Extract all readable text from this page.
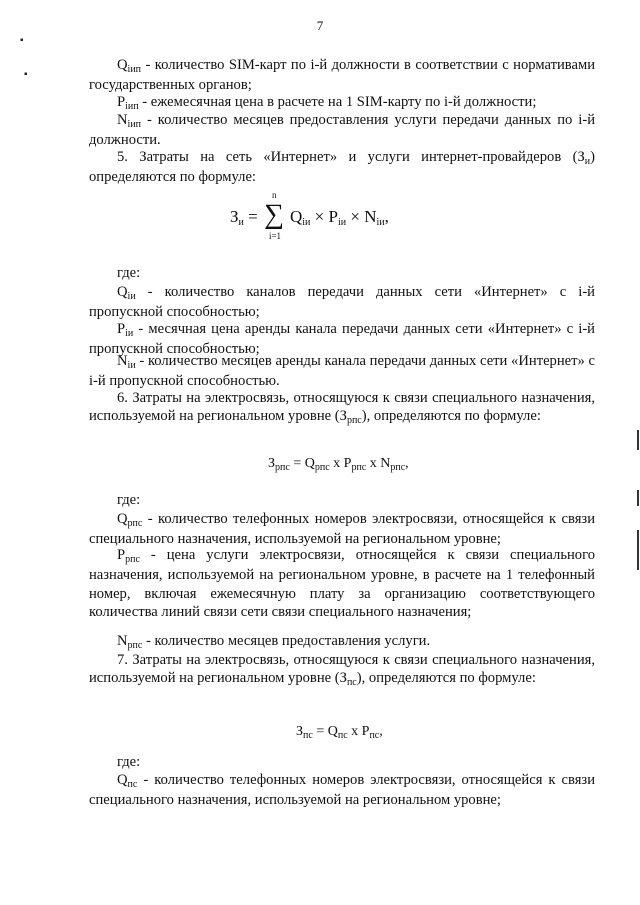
7
▪
▪
$Q_{iип}$ - количество SIM-карт по i-й должности в соответствии с нормативами государственных органов;
$P_{iип}$ - ежемесячная цена в расчете на 1 SIM-карту по i-й должности;
$N_{iип}$ - количество месяцев предоставления услуги передачи данных по i-й должности.
5. Затраты на сеть «Интернет» и услуги интернет-провайдеров $(З_и)$ определяются по формуле:
Зи =
n
∑
i=1
Qiи × Piи × Niи,
где:
$Q_{iи}$ - количество каналов передачи данных сети «Интернет» с i-й пропускной способностью;
$P_{iи}$ - месячная цена аренды канала передачи данных сети «Интернет» с i-й пропускной способностью;
$N_{iи}$ - количество месяцев аренды канала передачи данных сети «Интернет» с i-й пропускной способностью.
6. Затраты на электросвязь, относящуюся к связи специального назначения, используемой на региональном уровне $(З_{рпс})$, определяются по формуле:
$З_{рпс} = Q_{рпс}$ x $P_{рпс}$ x $N_{рпс}$,
где:
$Q_{рпс}$ - количество телефонных номеров электросвязи, относящейся к связи специального назначения, используемой на региональном уровне;
$P_{рпс}$ - цена услуги электросвязи, относящейся к связи специального назначения, используемой на региональном уровне, в расчете на 1 телефонный номер, включая ежемесячную плату за организацию соответствующего количества линий связи сети связи специального назначения;
$N_{рпс}$ - количество месяцев предоставления услуги.
7. Затраты на электросвязь, относящуюся к связи специального назначения, используемой на региональном уровне $(З_{пс})$, определяются по формуле:
$З_{пс} = Q_{пс}$ x $P_{пс}$,
где:
$Q_{пс}$ - количество телефонных номеров электросвязи, относящейся к связи специального назначения, используемой на региональном уровне;
